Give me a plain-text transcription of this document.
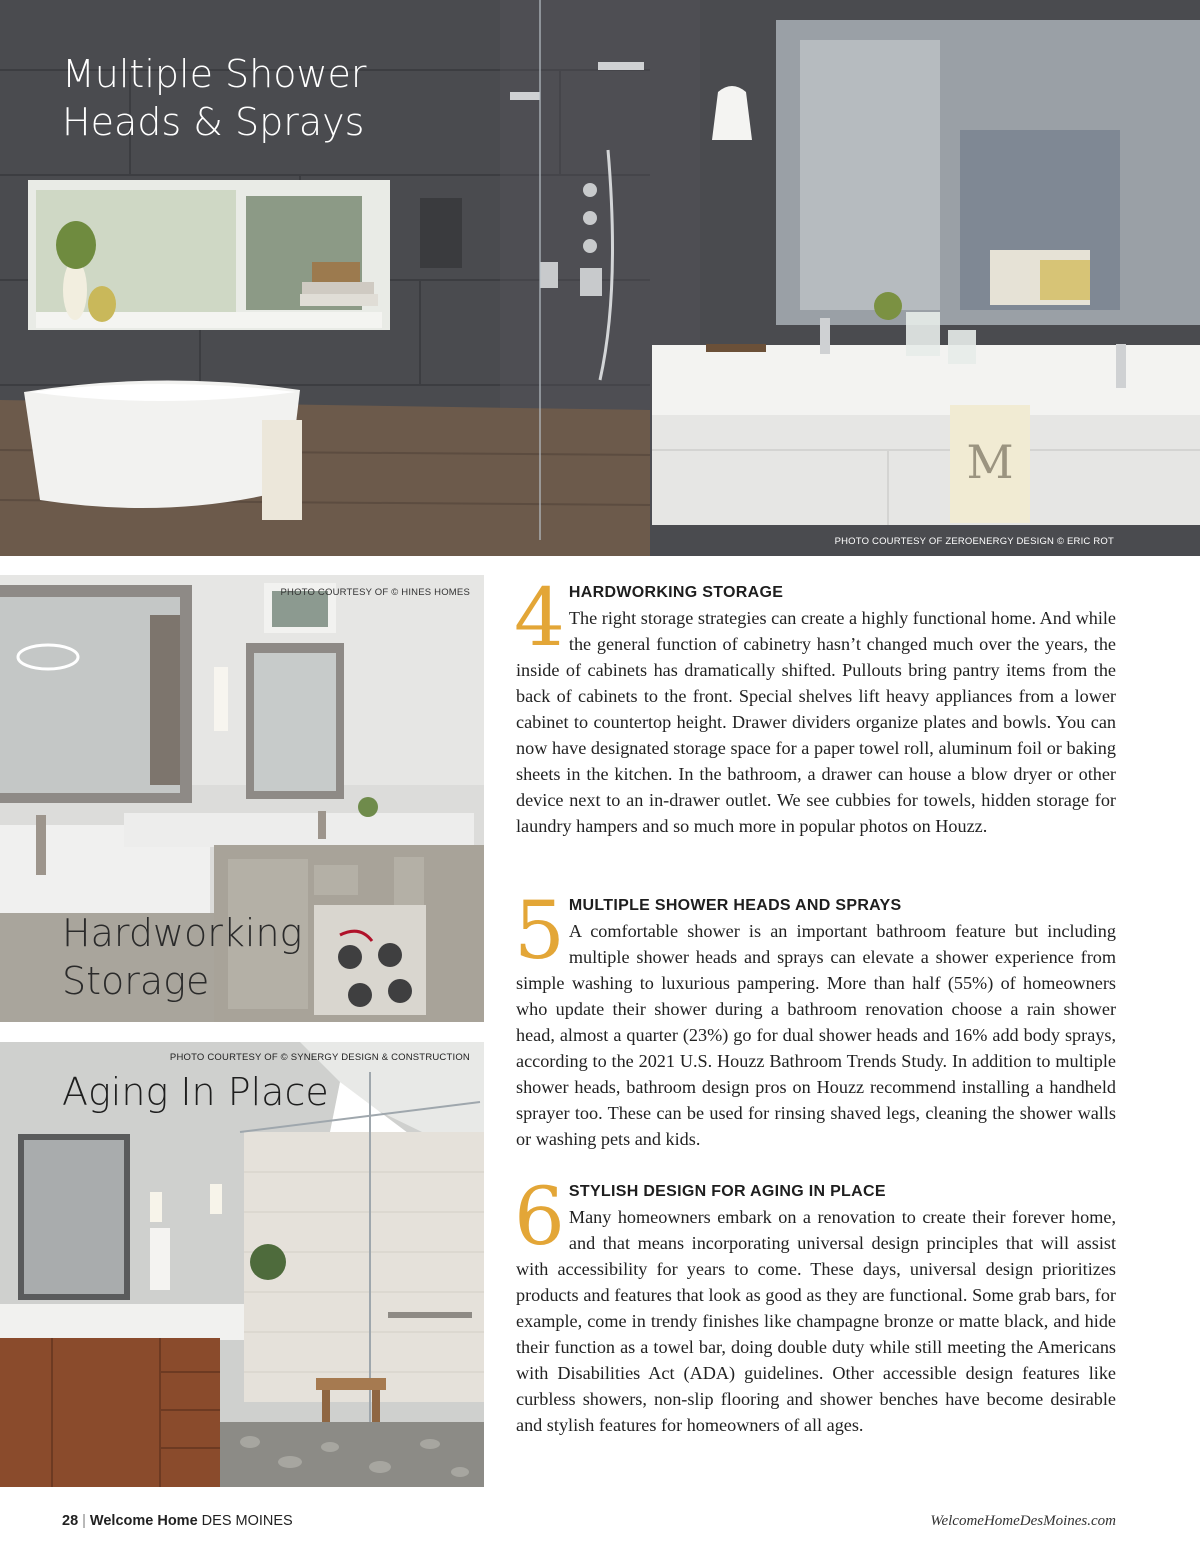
M
Multiple Shower Heads & Sprays
PHOTO COURTESY OF ZEROENERGY DESIGN © ERIC ROT
PHOTO COURTESY OF © HINES HOMES
Hardworking Storage
PHOTO COURTESY OF © SYNERGY DESIGN & CONSTRUCTION
Aging In Place
4 HARDWORKING STORAGE

The right storage strategies can create a highly functional home. And while the general function of cabinetry hasn’t changed much over the years, the inside of cabinets has dramatically shifted. Pullouts bring pantry items from the back of cabinets to the front. Special shelves lift heavy appliances from a lower cabinet to countertop height. Drawer dividers organize plates and bowls. You can now have designated storage space for a paper towel roll, aluminum foil or baking sheets in the kitchen. In the bathroom, a drawer can house a blow dryer or other device next to an in-drawer outlet. We see cubbies for towels, hidden storage for laundry hampers and so much more in popular photos on Houzz.

5 MULTIPLE SHOWER HEADS AND SPRAYS

A comfortable shower is an important bathroom feature but including multiple shower heads and sprays can elevate a shower experience from simple washing to luxurious pampering. More than half (55%) of homeowners who update their shower during a bathroom renovation choose a rain shower head, almost a quarter (23%) go for dual shower heads and 16% add body sprays, according to the 2021 U.S. Houzz Bathroom Trends Study. In addition to multiple shower heads, bathroom design pros on Houzz recommend installing a handheld sprayer too. These can be used for rinsing shaved legs, cleaning the shower walls or washing pets and kids.

6 STYLISH DESIGN FOR AGING IN PLACE

Many homeowners embark on a renovation to create their forever home, and that means incorporating universal design principles that will assist with accessibility for years to come. These days, universal design prioritizes products and features that look as good as they are functional. Some grab bars, for example, come in trendy finishes like champagne bronze or matte black, and hide their function as a towel bar, doing double duty while still meeting the Americans with Disabilities Act (ADA) guidelines. Other accessible design features like curbless showers, non-slip flooring and shower benches have become desirable and stylish features for homeowners of all ages.

28 | Welcome Home DES MOINES	WelcomeHomeDesMoines.com
